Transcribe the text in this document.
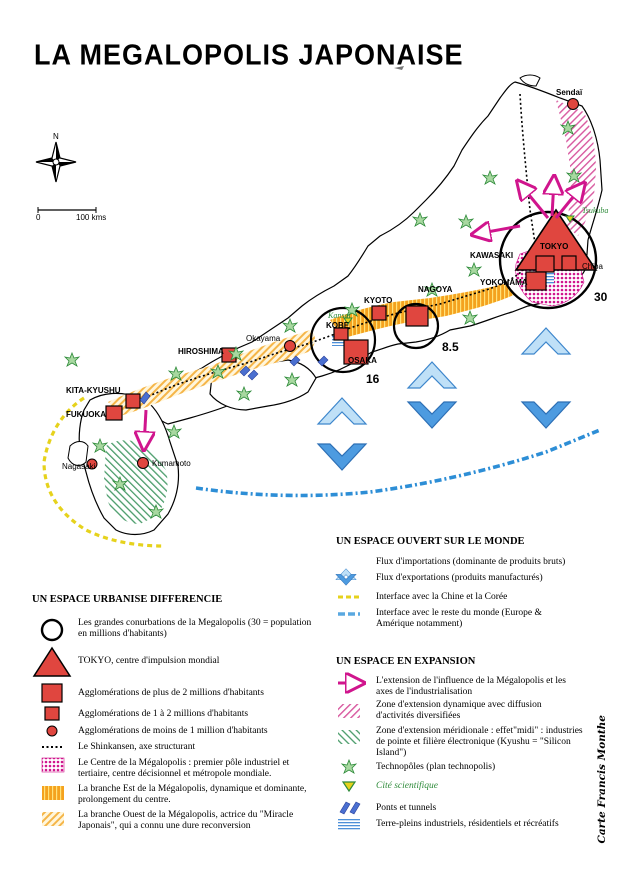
LA MEGALOPOLIS JAPONAISE
N
0	100 kms
Sendaï
Tsukuba
TOKYO
Chiba
KAWASAKI
YOKOHAMA
NAGOYA
KYOTO
Kansaï
KOBE
OSAKA
Okayama
HIROSHIMA
KITA-KYUSHU
FUKUOKA
Nagasaki	Kumamoto
30
16
8.5
UN ESPACE URBANISE DIFFERENCIE
Les grandes conurbations de la Megalopolis (30 = population en millions d'habitants)
TOKYO, centre d'impulsion mondial
Agglomérations de plus de 2 millions d'habitants
Agglomérations de 1 à 2 millions d'habitants
Agglomérations de moins de 1 million d'habitants
Le Shinkansen, axe structurant
Le Centre de la Mégalopolis : premier pôle industriel et tertiaire, centre décisionnel et métropole mondiale.
La branche Est de la Mégalopolis, dynamique et dominante, prolongement du centre.
La branche Ouest de la Mégalopolis, actrice du "Miracle Japonais", qui a connu une dure reconversion
UN ESPACE OUVERT SUR LE MONDE
Flux d'importations (dominante de produits bruts)
Flux d'exportations (produits manufacturés)
Interface avec la Chine et la Corée
Interface avec le reste du monde (Europe & Amérique notamment)
UN ESPACE EN EXPANSION
L'extension de l'influence de la Mégalopolis et les axes de l'industrialisation
Zone d'extension dynamique avec diffusion d'activités diversifiées
Zone d'extension méridionale : effet"midi" : industries de pointe et filière électronique (Kyushu = "Silicon Island")
Technopôles (plan technopolis)
Cité scientifique
Ponts et tunnels
Terre-pleins industriels, résidentiels et récréatifs	Carte Francis Monthe
